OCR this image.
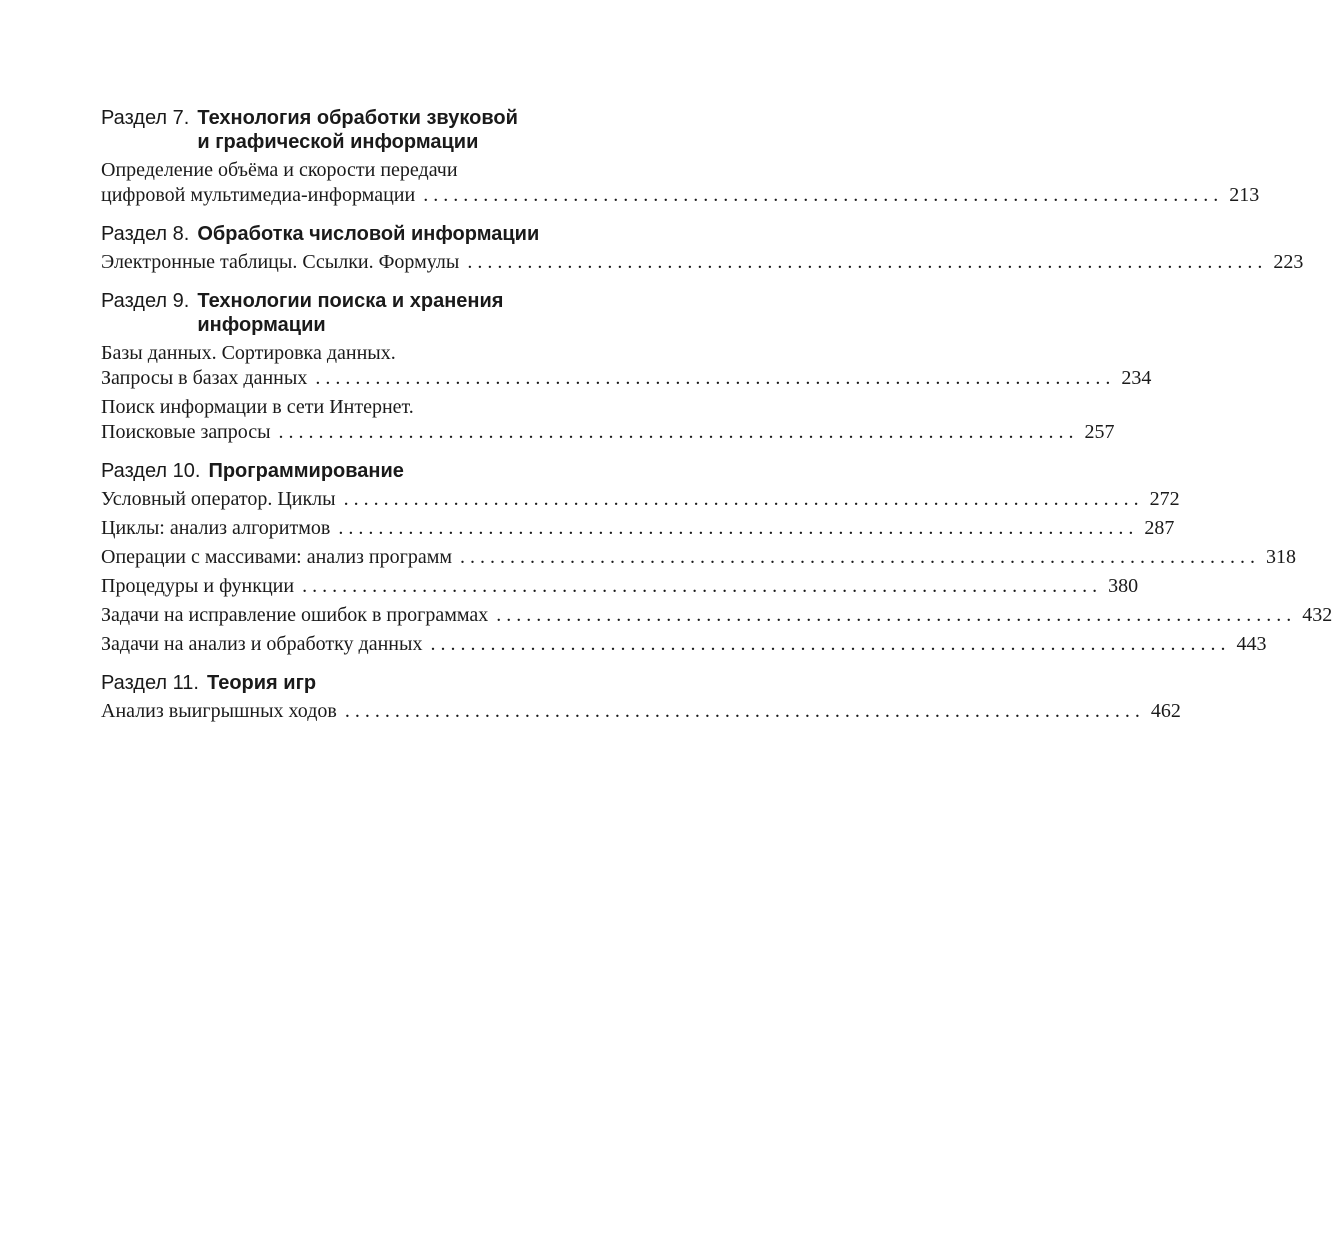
Раздел 7. Технология обработки звуковой
и графической информации
Определение объёма и скорости передачи
цифровой мультимедиа-информации ................................................................................ 213
Раздел 8. Обработка числовой информации
Электронные таблицы. Ссылки. Формулы ................................................................................ 223
Раздел 9. Технологии поиска и хранения
информации
Базы данных. Сортировка данных.
Запросы в базах данных ................................................................................ 234
Поиск информации в сети Интернет.
Поисковые запросы ................................................................................ 257
Раздел 10. Программирование
Условный оператор. Циклы ................................................................................ 272
Циклы: анализ алгоритмов ................................................................................ 287
Операции с массивами: анализ программ ................................................................................ 318
Процедуры и функции ................................................................................ 380
Задачи на исправление ошибок в программах ................................................................................ 432
Задачи на анализ и обработку данных ................................................................................ 443
Раздел 11. Теория игр
Анализ выигрышных ходов ................................................................................ 462
